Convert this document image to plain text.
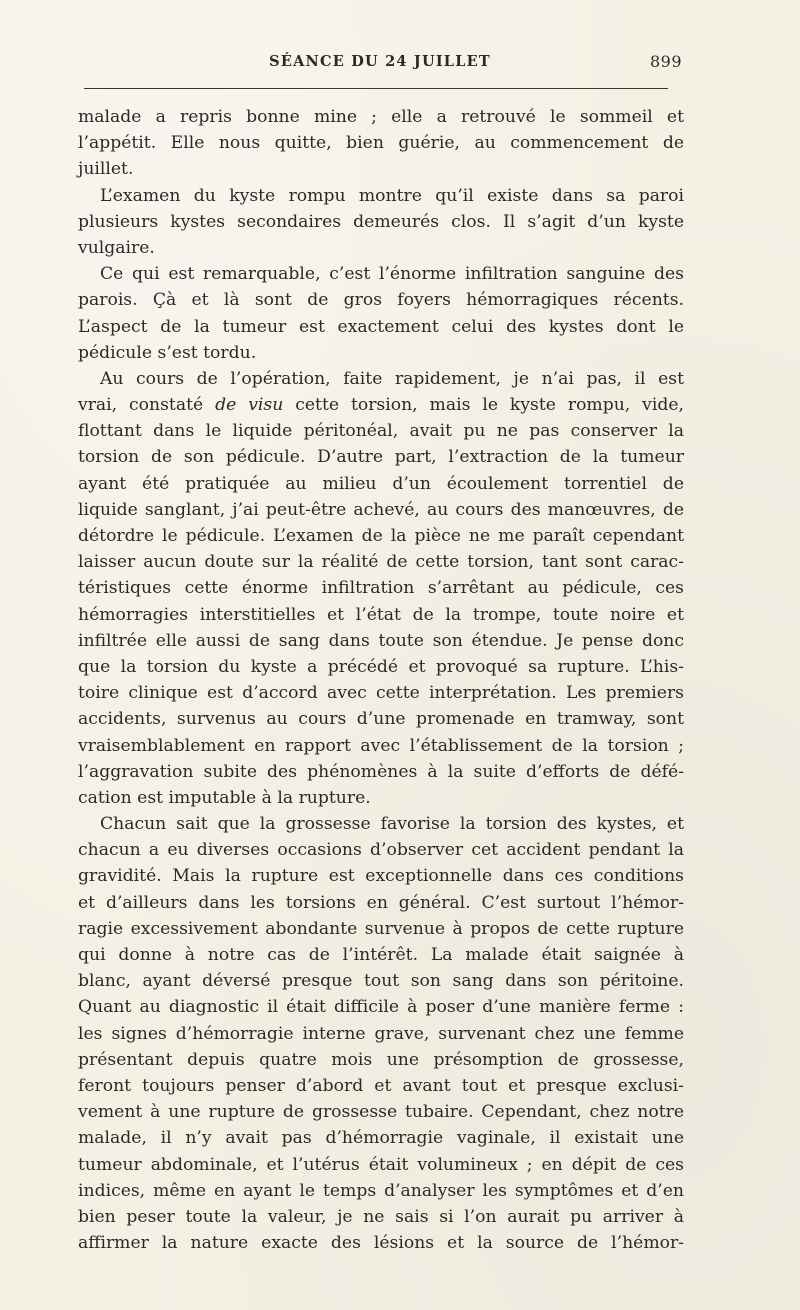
SÉANCE DU 24 JUILLET	899
malade a repris bonne mine ; elle a retrouvé le sommeil et
l’appétit. Elle nous quitte, bien guérie, au commencement de
juillet.
L’examen du kyste rompu montre qu’il existe dans sa paroi
plusieurs kystes secondaires demeurés clos. Il s’agit d’un kyste
vulgaire.
Ce qui est remarquable, c’est l’énorme infiltration sanguine des
parois. Çà et là sont de gros foyers hémorragiques récents.
L’aspect de la tumeur est exactement celui des kystes dont le
pédicule s’est tordu.
Au cours de l’opération, faite rapidement, je n’ai pas, il est
vrai, constaté de visu cette torsion, mais le kyste rompu, vide,
flottant dans le liquide péritonéal, avait pu ne pas conserver la
torsion de son pédicule. D’autre part, l’extraction de la tumeur
ayant été pratiquée au milieu d’un écoulement torrentiel de
liquide sanglant, j’ai peut-être achevé, au cours des manœuvres, de
détordre le pédicule. L’examen de la pièce ne me paraît cependant
laisser aucun doute sur la réalité de cette torsion, tant sont carac-
téristiques cette énorme infiltration s’arrêtant au pédicule, ces
hémorragies interstitielles et l’état de la trompe, toute noire et
infiltrée elle aussi de sang dans toute son étendue. Je pense donc
que la torsion du kyste a précédé et provoqué sa rupture. L’his-
toire clinique est d’accord avec cette interprétation. Les premiers
accidents, survenus au cours d’une promenade en tramway, sont
vraisemblablement en rapport avec l’établissement de la torsion ;
l’aggravation subite des phénomènes à la suite d’efforts de défé-
cation est imputable à la rupture.
Chacun sait que la grossesse favorise la torsion des kystes, et
chacun a eu diverses occasions d’observer cet accident pendant la
gravidité. Mais la rupture est exceptionnelle dans ces conditions
et d’ailleurs dans les torsions en général. C’est surtout l’hémor-
ragie excessivement abondante survenue à propos de cette rupture
qui donne à notre cas de l’intérêt. La malade était saignée à
blanc, ayant déversé presque tout son sang dans son péritoine.
Quant au diagnostic il était difficile à poser d’une manière ferme :
les signes d’hémorragie interne grave, survenant chez une femme
présentant depuis quatre mois une présomption de grossesse,
feront toujours penser d’abord et avant tout et presque exclusi-
vement à une rupture de grossesse tubaire. Cependant, chez notre
malade, il n’y avait pas d’hémorragie vaginale, il existait une
tumeur abdominale, et l’utérus était volumineux ; en dépit de ces
indices, même en ayant le temps d’analyser les symptômes et d’en
bien peser toute la valeur, je ne sais si l’on aurait pu arriver à
affirmer la nature exacte des lésions et la source de l’hémor-
